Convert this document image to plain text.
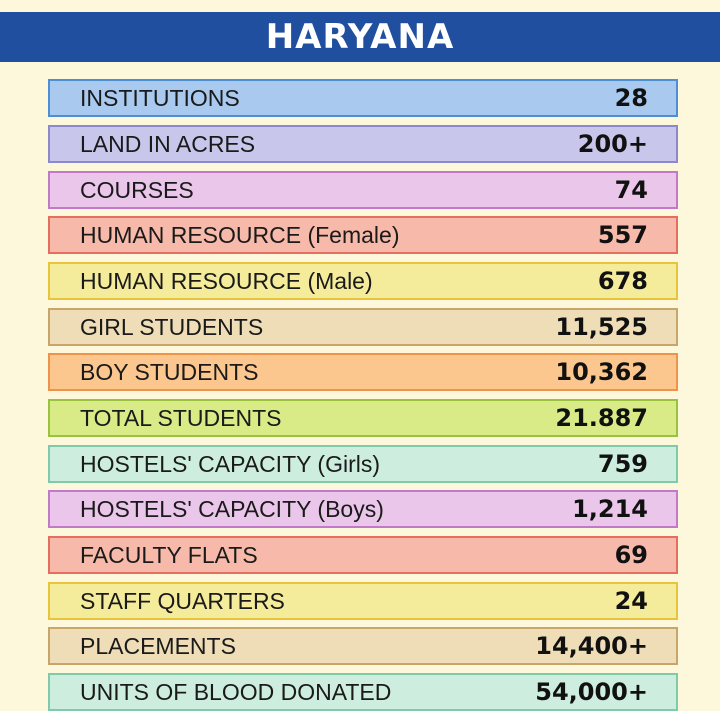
HARYANA
INSTITUTIONS	28
LAND IN ACRES	200+
COURSES	74
HUMAN RESOURCE (Female)	557
HUMAN RESOURCE (Male)	678
GIRL STUDENTS	11,525
BOY STUDENTS	10,362
TOTAL STUDENTS	21.887
HOSTELS' CAPACITY (Girls)	759
HOSTELS' CAPACITY (Boys)	1,214
FACULTY FLATS	69
STAFF QUARTERS	24
PLACEMENTS	14,400+
UNITS OF BLOOD DONATED	54,000+
